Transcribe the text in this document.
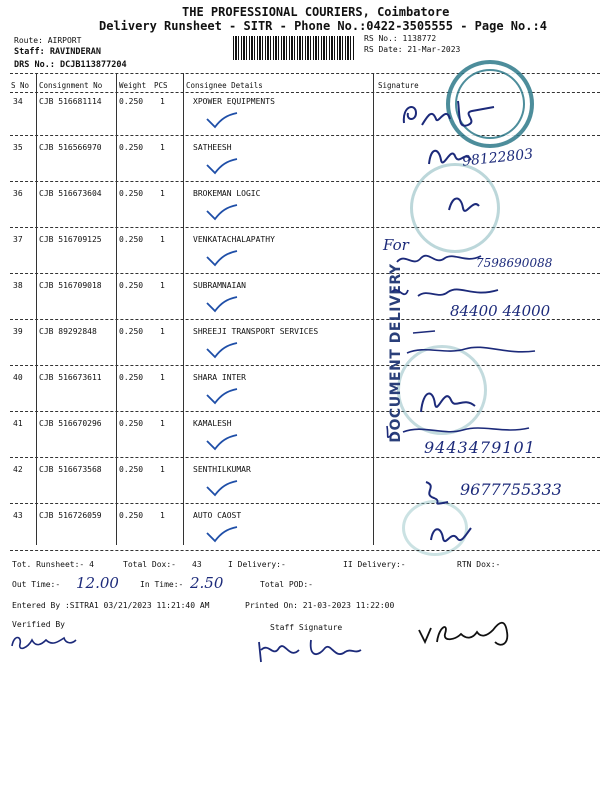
THE PROFESSIONAL COURIERS, Coimbatore
Delivery Runsheet - SITR - Phone No.:0422-3505555 - Page No.:4
Route: AIRPORT
Staff: RAVINDERAN
DRS No.: DCJB113877204
RS No.: 1138772
RS Date: 21-Mar-2023
S No Consignment No Weight PCS Consignee Details	Signature
34 CJB 516681114 0.250 1	XPOWER EQUIPMENTS
35 CJB 516566970 0.250 1	SATHEESH
36 CJB 516673604 0.250 1	BROKEMAN LOGIC
37 CJB 516709125 0.250 1	VENKATACHALAPATHY
38 CJB 516709018 0.250 1	SUBRAMNAIAN
39 CJB 89292848	0.250 1	SHREEJI TRANSPORT SERVICES
40 CJB 516673611 0.250 1	SHARA INTER
41 CJB 516670296 0.250 1	KAMALESH
42 CJB 516673568 0.250 1	SENTHILKUMAR
43 CJB 516726059 0.250 1	AUTO CAOST
DOCUMENT DELIVERY
98122803
For
7598690088
84400 44000
9443479101
9677755333
Tot. Runsheet:- 4	Total Dox:- 43	I Delivery:-	II Delivery:-	RTN Dox:-
Out Time:- 12.00	In Time:- 2.50	Total POD:-
Entered By :SITRA1 03/21/2023 11:21:40 AM	Printed On: 21-03-2023 11:22:00
Verified By	Staff Signature
